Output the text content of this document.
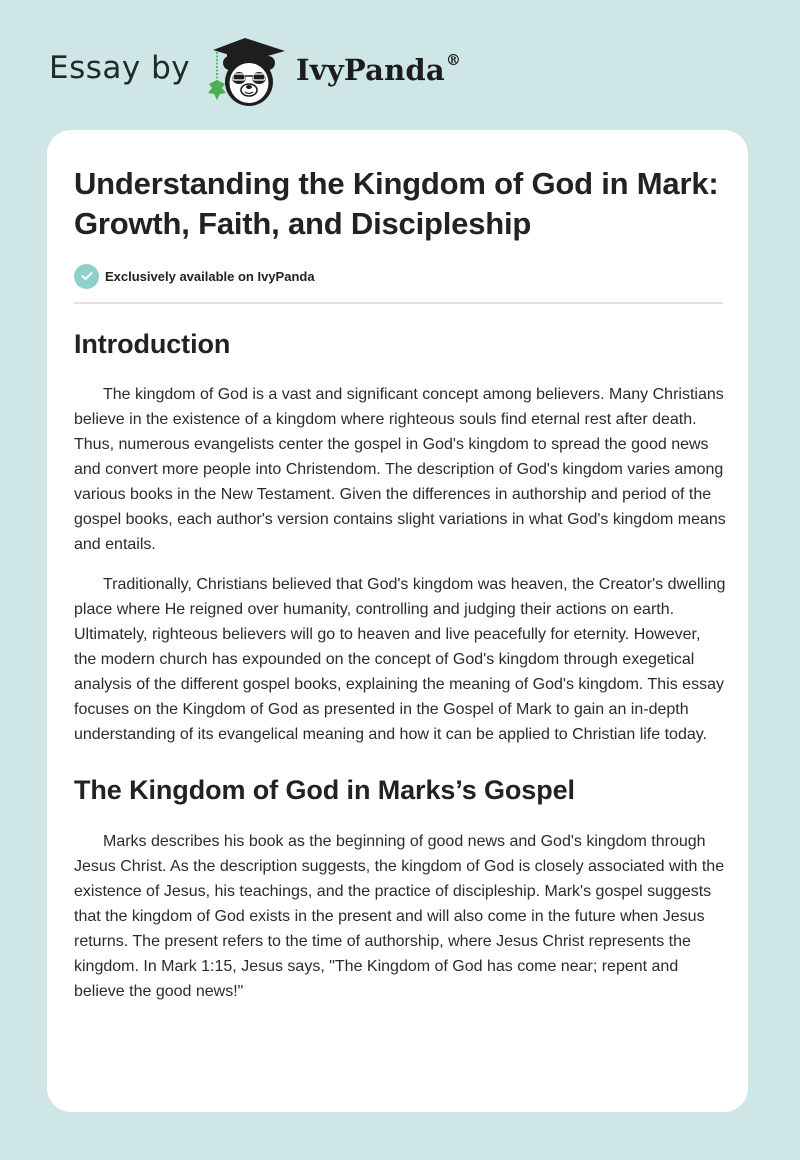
Essay by	IvyPanda®
Understanding the Kingdom of God in Mark: Growth, Faith, and Discipleship
Exclusively available on IvyPanda
Introduction

The kingdom of God is a vast and significant concept among believers. Many Christians believe in the existence of a kingdom where righteous souls find eternal rest after death. Thus, numerous evangelists center the gospel in God's kingdom to spread the good news and convert more people into Christendom. The description of God's kingdom varies among various books in the New Testament. Given the differences in authorship and period of the gospel books, each author's version contains slight variations in what God's kingdom means and entails.

Traditionally, Christians believed that God's kingdom was heaven, the Creator's dwelling place where He reigned over humanity, controlling and judging their actions on earth. Ultimately, righteous believers will go to heaven and live peacefully for eternity. However, the modern church has expounded on the concept of God's kingdom through exegetical analysis of the different gospel books, explaining the meaning of God's kingdom. This essay focuses on the Kingdom of God as presented in the Gospel of Mark to gain an in-depth understanding of its evangelical meaning and how it can be applied to Christian life today.

The Kingdom of God in Marks’s Gospel

Marks describes his book as the beginning of good news and God's kingdom through Jesus Christ. As the description suggests, the kingdom of God is closely associated with the existence of Jesus, his teachings, and the practice of discipleship. Mark's gospel suggests that the kingdom of God exists in the present and will also come in the future when Jesus returns. The present refers to the time of authorship, where Jesus Christ represents the kingdom. In Mark 1:15, Jesus says, "The Kingdom of God has come near; repent and believe the good news!"
